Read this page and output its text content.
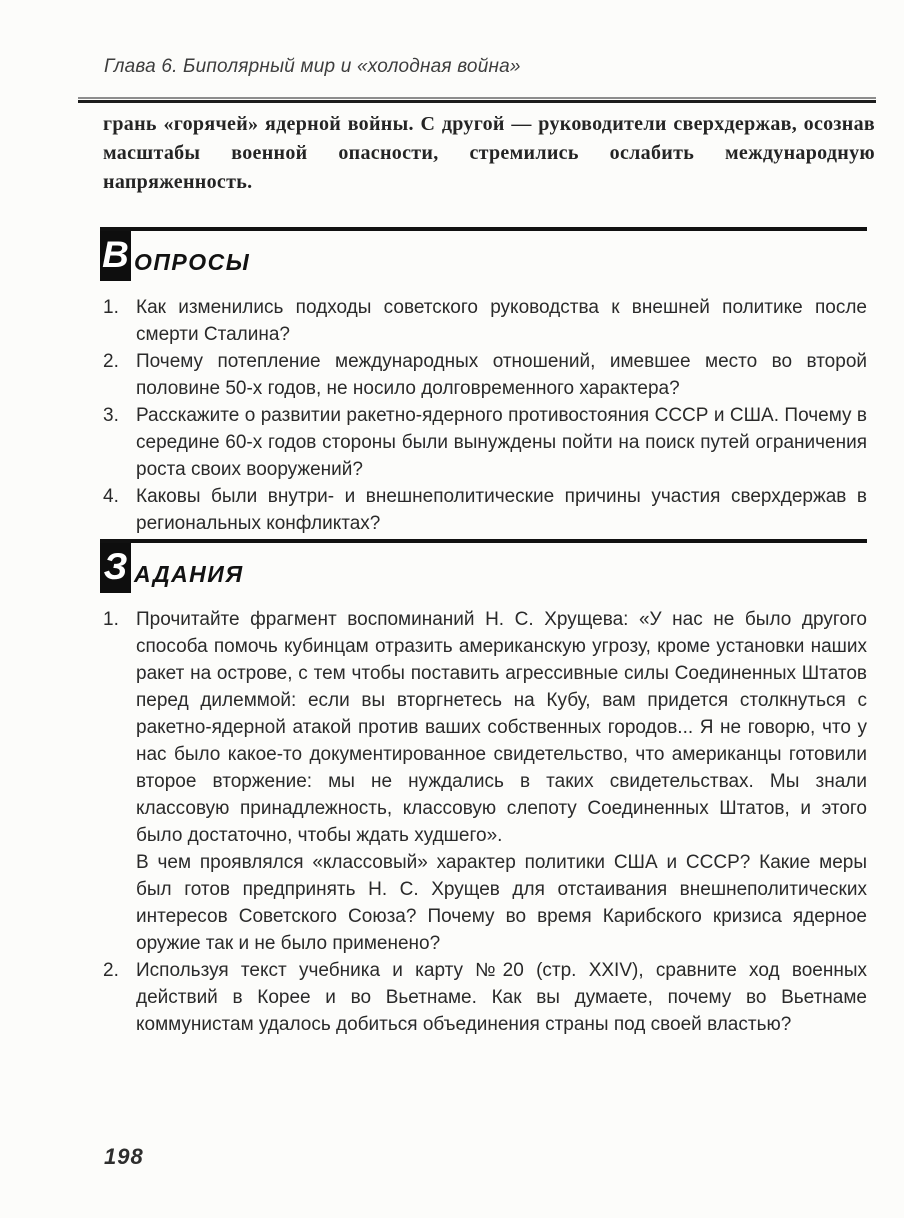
Глава 6. Биполярный мир и «холодная война»
грань «горячей» ядерной войны. С другой — руководители сверхдержав, осознав масштабы военной опасности, стремились ослабить международную напряженность.
В ОПРОСЫ
1. Как изменились подходы советского руководства к внешней политике после смерти Сталина?

2. Почему потепление международных отношений, имевшее место во второй половине 50-х годов, не носило долговременного характера?

3. Расскажите о развитии ракетно-ядерного противостояния СССР и США. Почему в середине 60-х годов стороны были вынуждены пойти на поиск путей ограничения роста своих вооружений?

4. Каковы были внутри- и внешнеполитические причины участия сверхдержав в региональных конфликтах?

З АДАНИЯ
1. Прочитайте фрагмент воспоминаний Н. С. Хрущева: «У нас не было другого способа помочь кубинцам отразить американскую угрозу, кроме установки наших ракет на острове, с тем чтобы поставить агрессивные силы Соединенных Штатов перед дилеммой: если вы вторгнетесь на Кубу, вам придется столкнуться с ракетно-ядерной атакой против ваших собственных городов... Я не говорю, что у нас было какое-то документированное свидетельство, что американцы готовили второе вторжение: мы не нуждались в таких свидетельствах. Мы знали классовую принадлежность, классовую слепоту Соединенных Штатов, и этого было достаточно, чтобы ждать худшего».

В чем проявлялся «классовый» характер политики США и СССР? Какие меры был готов предпринять Н. С. Хрущев для отстаивания внешнеполитических интересов Советского Союза? Почему во время Карибского кризиса ядерное оружие так и не было применено?

2. Используя текст учебника и карту №20 (стр. XXIV), сравните ход военных действий в Корее и во Вьетнаме. Как вы думаете, почему во Вьетнаме коммунистам удалось добиться объединения страны под своей властью?

198
